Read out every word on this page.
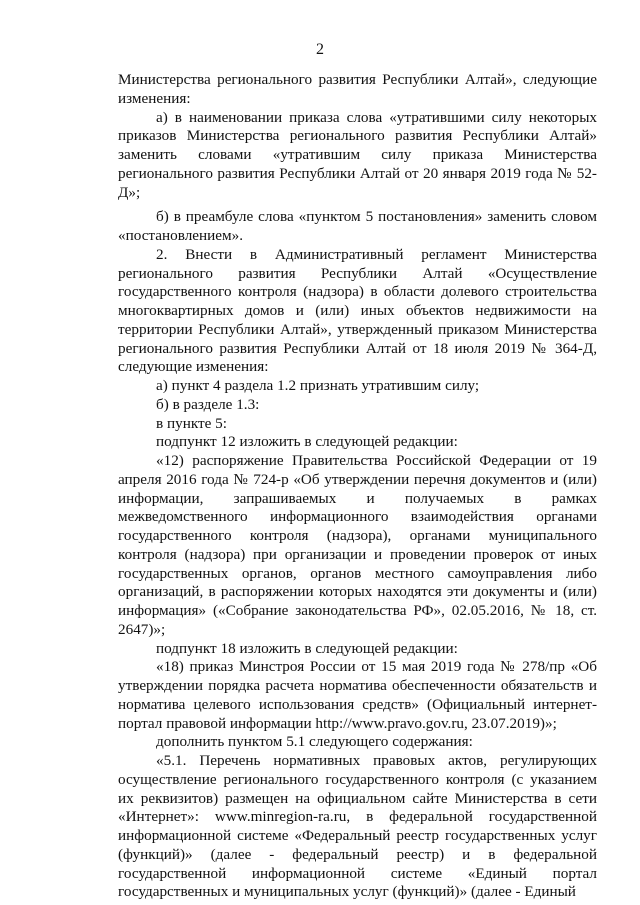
2

Министерства регионального развития Республики Алтай», следующие изменения:

а) в наименовании приказа слова «утратившими силу некоторых приказов Министерства регионального развития Республики Алтай» заменить словами «утратившим силу приказа Министерства регионального развития Республики Алтай от 20 января 2019 года № 52-Д»;

б) в преамбуле слова «пунктом 5 постановления» заменить словом «постановлением».

2. Внести в Административный регламент Министерства регионального развития Республики Алтай «Осуществление государственного контроля (надзора) в области долевого строительства многоквартирных домов и (или) иных объектов недвижимости на территории Республики Алтай», утвержденный приказом Министерства регионального развития Республики Алтай от 18 июля 2019 № 364-Д, следующие изменения:

а) пункт 4 раздела 1.2 признать утратившим силу;

б) в разделе 1.3:

в пункте 5:

подпункт 12 изложить в следующей редакции:

«12) распоряжение Правительства Российской Федерации от 19 апреля 2016 года № 724-р «Об утверждении перечня документов и (или) информации, запрашиваемых и получаемых в рамках межведомственного информационного взаимодействия органами государственного контроля (надзора), органами муниципального контроля (надзора) при организации и проведении проверок от иных государственных органов, органов местного самоуправления либо организаций, в распоряжении которых находятся эти документы и (или) информация» («Собрание законодательства РФ», 02.05.2016, № 18, ст. 2647)»;

подпункт 18 изложить в следующей редакции:

«18) приказ Минстроя России от 15 мая 2019 года № 278/пр «Об утверждении порядка расчета норматива обеспеченности обязательств и норматива целевого использования средств» (Официальный интернет-портал правовой информации http://www.pravo.gov.ru, 23.07.2019)»;

дополнить пунктом 5.1 следующего содержания:

«5.1. Перечень нормативных правовых актов, регулирующих осуществление регионального государственного контроля (с указанием их реквизитов) размещен на официальном сайте Министерства в сети «Интернет»: www.minregion-ra.ru, в федеральной государственной информационной системе «Федеральный реестр государственных услуг (функций)» (далее - федеральный реестр) и в федеральной государственной информационной системе «Единый портал государственных и муниципальных услуг (функций)» (далее - Единый
